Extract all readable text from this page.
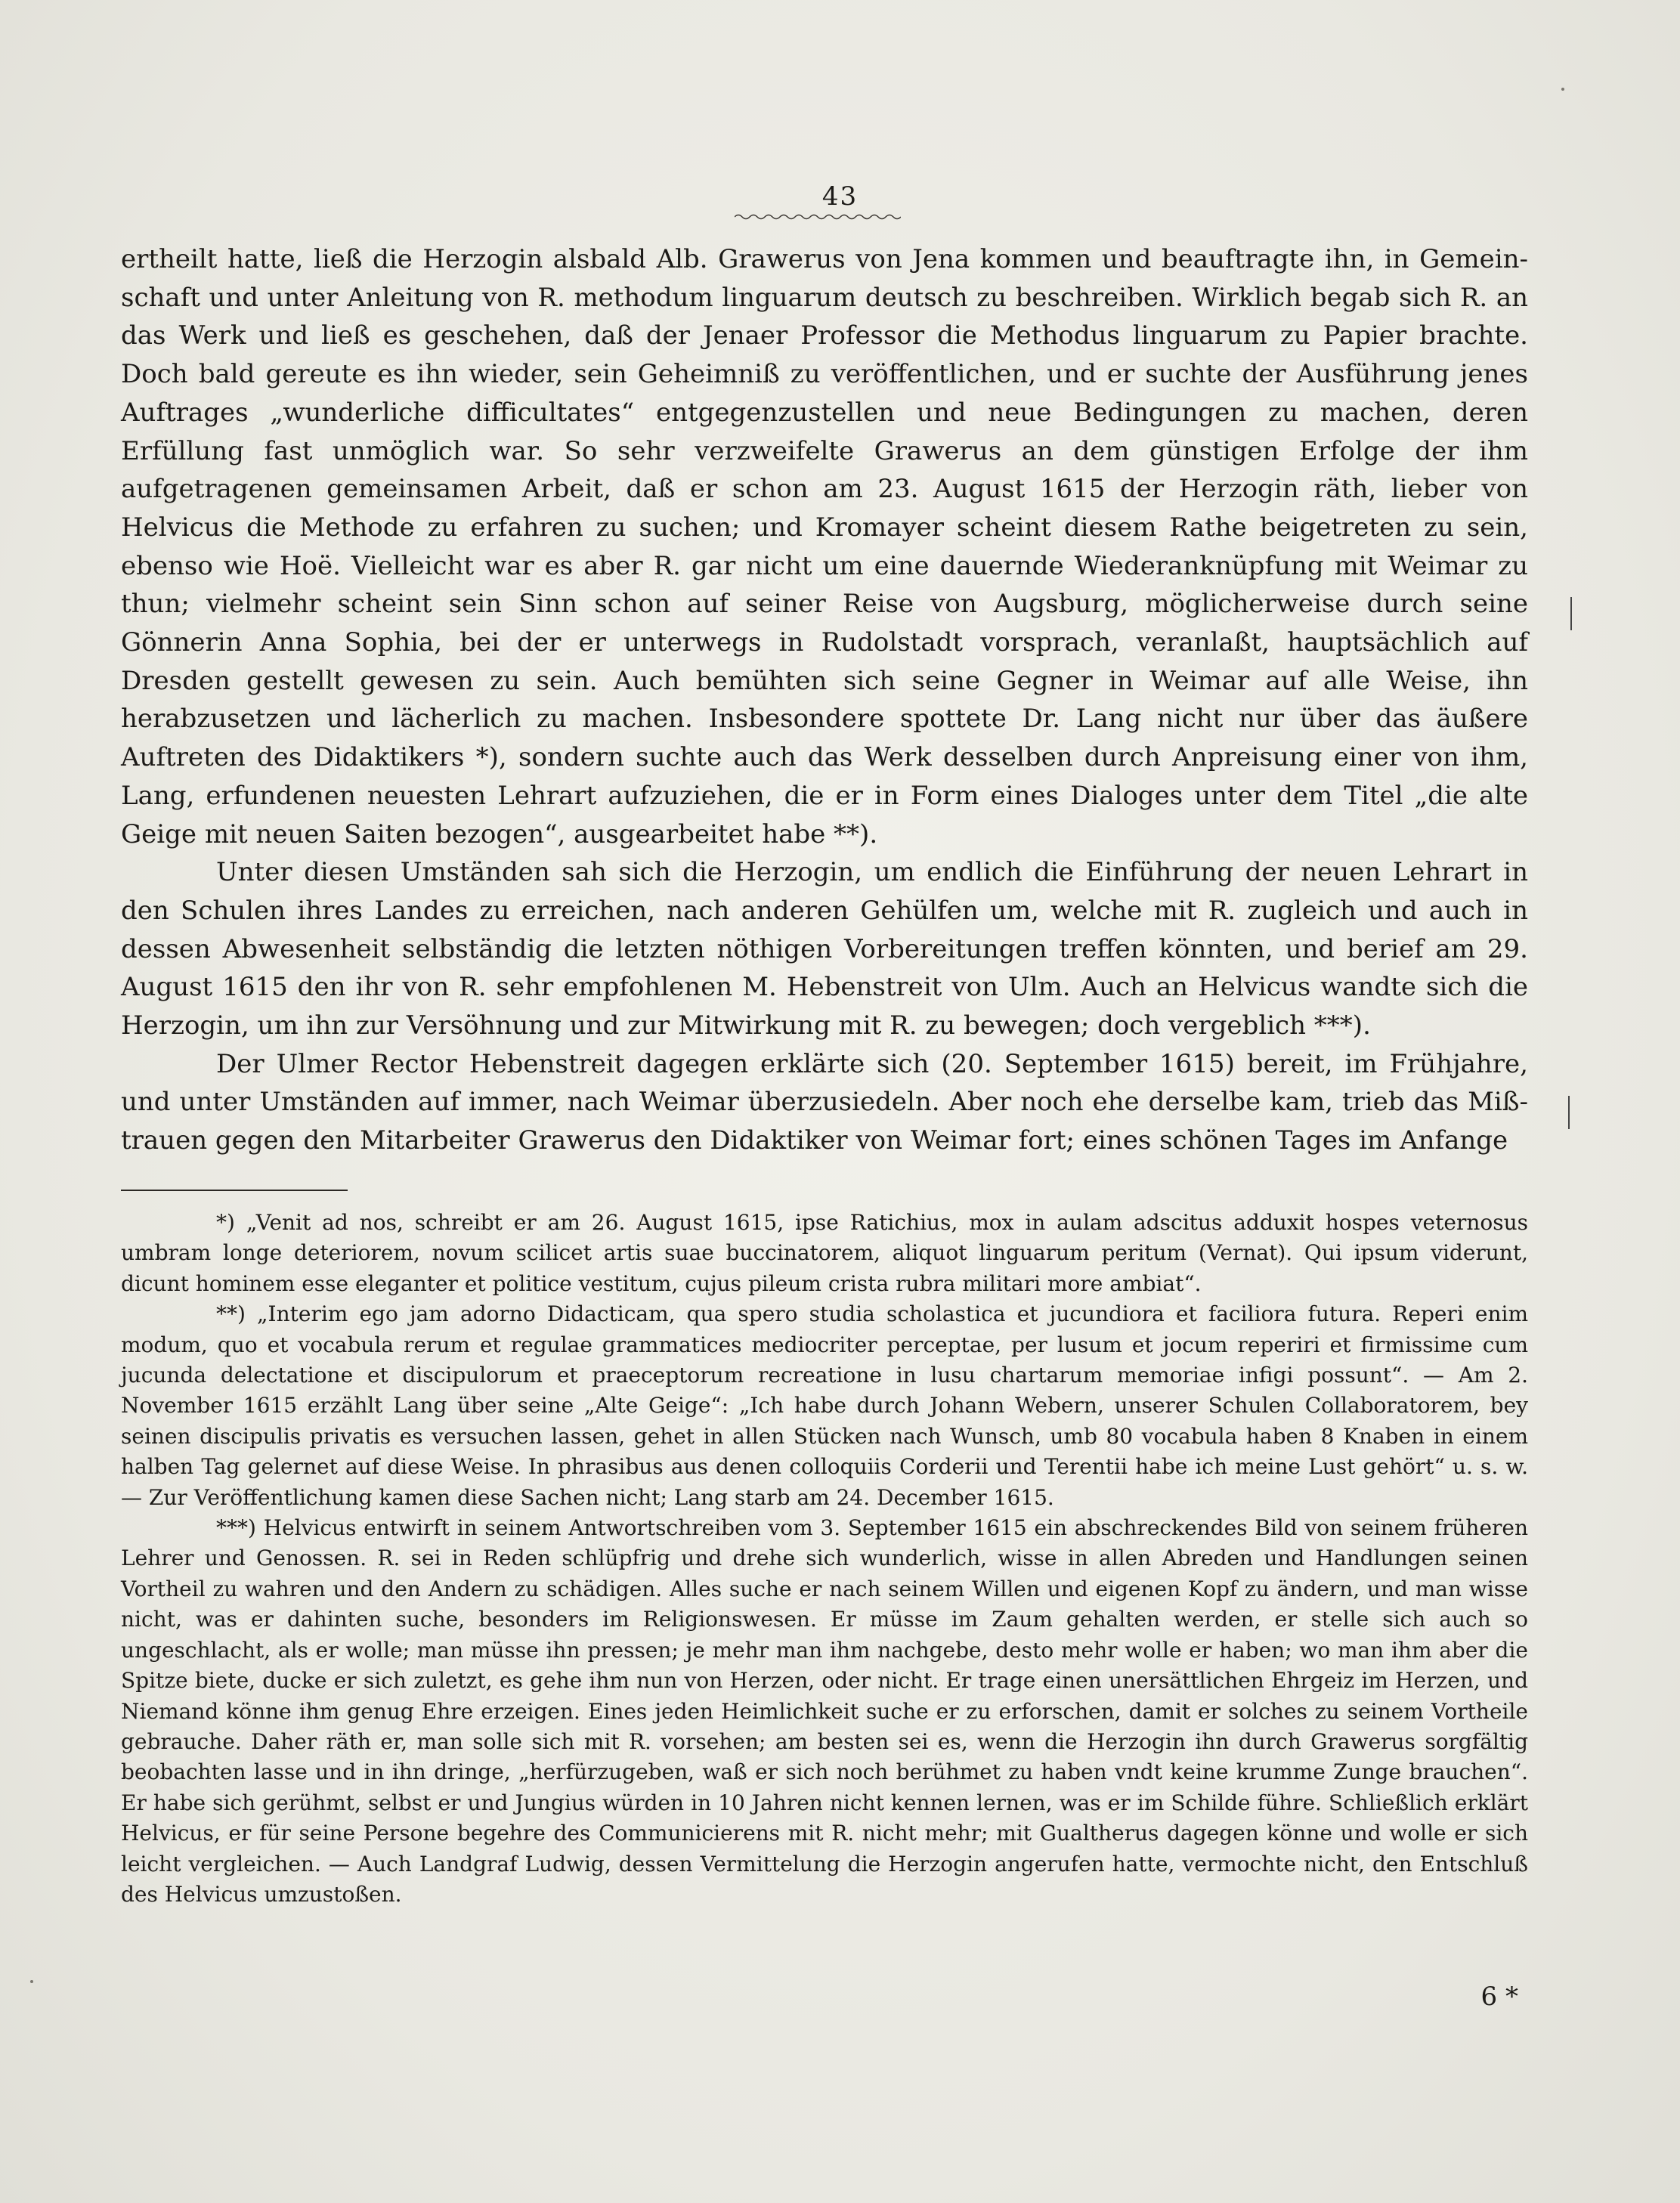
43

ertheilt hatte, ließ die Herzogin alsbald Alb. Grawerus von Jena kommen und beauftragte ihn, in Gemeinschaft und unter Anleitung von R. methodum linguarum deutsch zu beschreiben. Wirklich begab sich R. an das Werk und ließ es geschehen, daß der Jenaer Professor die Methodus linguarum zu Papier brachte. Doch bald gereute es ihn wieder, sein Geheimniß zu veröffentlichen, und er suchte der Ausführung jenes Auftrages „wunderliche difficultates“ entgegenzustellen und neue Bedingungen zu machen, deren Erfüllung fast unmöglich war. So sehr verzweifelte Grawerus an dem günstigen Erfolge der ihm aufgetragenen gemeinsamen Arbeit, daß er schon am 23. August 1615 der Herzogin räth, lieber von Helvicus die Methode zu erfahren zu suchen; und Kromayer scheint diesem Rathe beigetreten zu sein, ebenso wie Hoë. Vielleicht war es aber R. gar nicht um eine dauernde Wiederanknüpfung mit Weimar zu thun; vielmehr scheint sein Sinn schon auf seiner Reise von Augsburg, möglicherweise durch seine Gönnerin Anna Sophia, bei der er unterwegs in Rudolstadt vorsprach, veranlaßt, hauptsächlich auf Dresden gestellt gewesen zu sein. Auch bemühten sich seine Gegner in Weimar auf alle Weise, ihn herabzusetzen und lächerlich zu machen. Insbesondere spottete Dr. Lang nicht nur über das äußere Auftreten des Didaktikers *), sondern suchte auch das Werk desselben durch Anpreisung einer von ihm, Lang, erfundenen neuesten Lehrart aufzuziehen, die er in Form eines Dialoges unter dem Titel „die alte Geige mit neuen Saiten bezogen“, ausgearbeitet habe **).

Unter diesen Umständen sah sich die Herzogin, um endlich die Einführung der neuen Lehrart in den Schulen ihres Landes zu erreichen, nach anderen Gehülfen um, welche mit R. zugleich und auch in dessen Abwesenheit selbständig die letzten nöthigen Vorbereitungen treffen könnten, und berief am 29. August 1615 den ihr von R. sehr empfohlenen M. Hebenstreit von Ulm. Auch an Helvicus wandte sich die Herzogin, um ihn zur Versöhnung und zur Mitwirkung mit R. zu bewegen; doch vergeblich ***).

Der Ulmer Rector Hebenstreit dagegen erklärte sich (20. September 1615) bereit, im Frühjahre, und unter Umständen auf immer, nach Weimar überzusiedeln. Aber noch ehe derselbe kam, trieb das Mißtrauen gegen den Mitarbeiter Grawerus den Didaktiker von Weimar fort; eines schönen Tages im Anfange

*) „Venit ad nos, schreibt er am 26. August 1615, ipse Ratichius, mox in aulam adscitus adduxit hospes veternosus umbram longe deteriorem, novum scilicet artis suae buccinatorem, aliquot linguarum peritum (Vernat). Qui ipsum viderunt, dicunt hominem esse eleganter et politice vestitum, cujus pileum crista rubra militari more ambiat“.

**) „Interim ego jam adorno Didacticam, qua spero studia scholastica et jucundiora et faciliora futura. Reperi enim modum, quo et vocabula rerum et regulae grammatices mediocriter perceptae, per lusum et jocum reperiri et firmissime cum jucunda delectatione et discipulorum et praeceptorum recreatione in lusu chartarum memoriae infigi possunt“. — Am 2. November 1615 erzählt Lang über seine „Alte Geige“: „Ich habe durch Johann Webern, unserer Schulen Collaboratorem, bey seinen discipulis privatis es versuchen lassen, gehet in allen Stücken nach Wunsch, umb 80 vocabula haben 8 Knaben in einem halben Tag gelernet auf diese Weise. In phrasibus aus denen colloquiis Corderii und Terentii habe ich meine Lust gehört“ u. s. w. — Zur Veröffentlichung kamen diese Sachen nicht; Lang starb am 24. December 1615.

***) Helvicus entwirft in seinem Antwortschreiben vom 3. September 1615 ein abschreckendes Bild von seinem früheren Lehrer und Genossen. R. sei in Reden schlüpfrig und drehe sich wunderlich, wisse in allen Abreden und Handlungen seinen Vortheil zu wahren und den Andern zu schädigen. Alles suche er nach seinem Willen und eigenen Kopf zu ändern, und man wisse nicht, was er dahinten suche, besonders im Religionswesen. Er müsse im Zaum gehalten werden, er stelle sich auch so ungeschlacht, als er wolle; man müsse ihn pressen; je mehr man ihm nachgebe, desto mehr wolle er haben; wo man ihm aber die Spitze biete, ducke er sich zuletzt, es gehe ihm nun von Herzen, oder nicht. Er trage einen unersättlichen Ehrgeiz im Herzen, und Niemand könne ihm genug Ehre erzeigen. Eines jeden Heimlichkeit suche er zu erforschen, damit er solches zu seinem Vortheile gebrauche. Daher räth er, man solle sich mit R. vorsehen; am besten sei es, wenn die Herzogin ihn durch Grawerus sorgfältig beobachten lasse und in ihn dringe, „herfürzugeben, waß er sich noch berühmet zu haben vndt keine krumme Zunge brauchen“. Er habe sich gerühmt, selbst er und Jungius würden in 10 Jahren nicht kennen lernen, was er im Schilde führe. Schließlich erklärt Helvicus, er für seine Persone begehre des Communicierens mit R. nicht mehr; mit Gualtherus dagegen könne und wolle er sich leicht vergleichen. — Auch Landgraf Ludwig, dessen Vermittelung die Herzogin angerufen hatte, vermochte nicht, den Entschluß des Helvicus umzustoßen.

6 *
